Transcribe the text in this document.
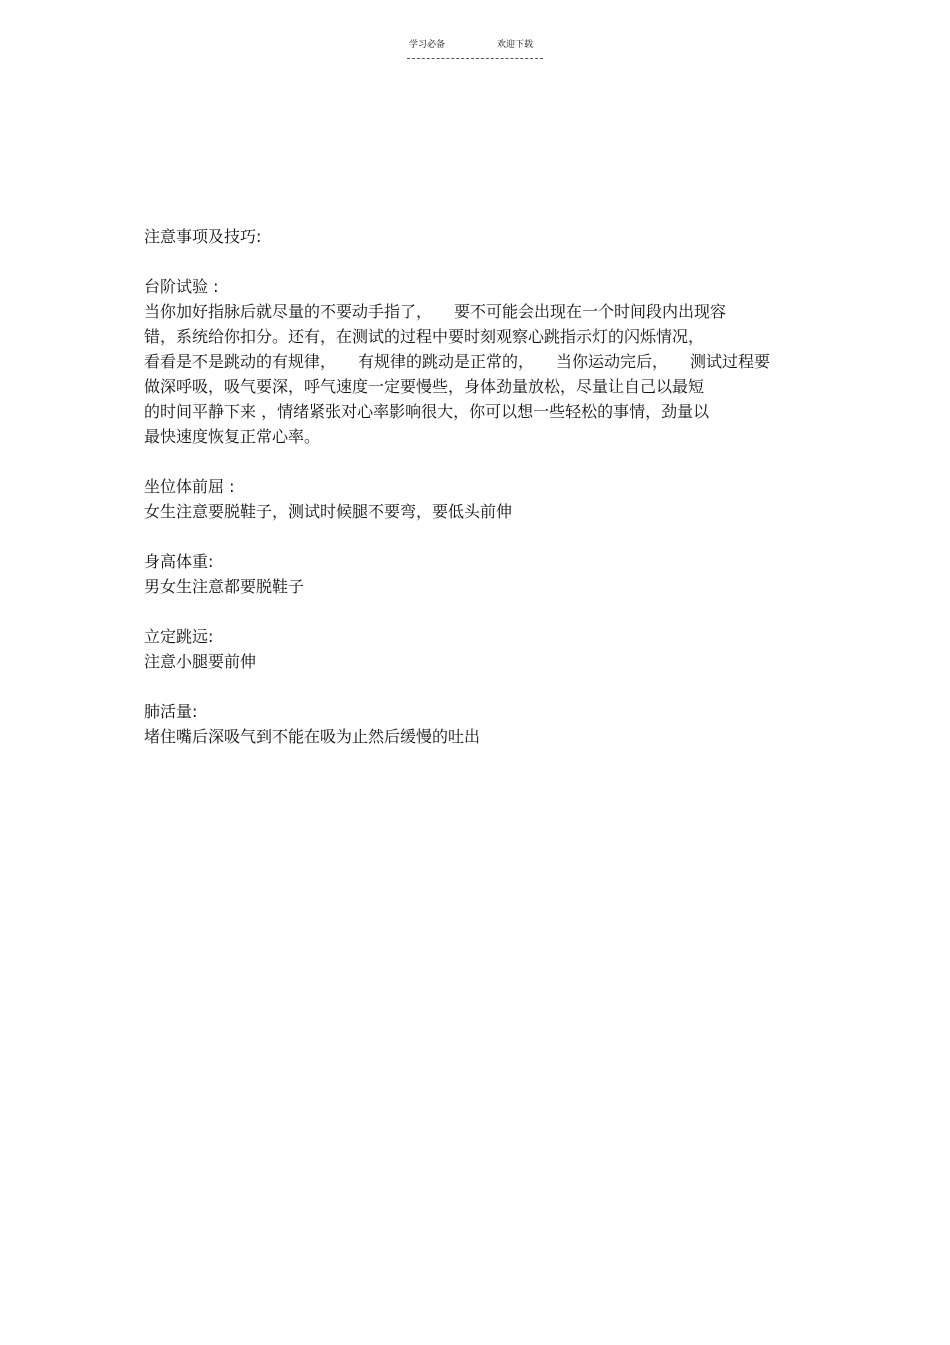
学习必备	欢迎下载

注意事项及技巧:

台阶试验 :

当你加好指脉后就尽量的不要动手指了， 要不可能会出现在一个时间段内出现容

错，系统给你扣分。还有，在测试的过程中要时刻观察心跳指示灯的闪烁情况，

看看是不是跳动的有规律， 有规律的跳动是正常的， 当你运动完后， 测试过程要

做深呼吸，吸气要深，呼气速度一定要慢些，身体劲量放松，尽量让自己以最短

的时间平静下来 ，情绪紧张对心率影响很大，你可以想一些轻松的事情，劲量以

最快速度恢复正常心率。

坐位体前屈 :

女生注意要脱鞋子，测试时候腿不要弯，要低头前伸

身高体重:

男女生注意都要脱鞋子

立定跳远:

注意小腿要前伸

肺活量:

堵住嘴后深吸气到不能在吸为止然后缓慢的吐出
